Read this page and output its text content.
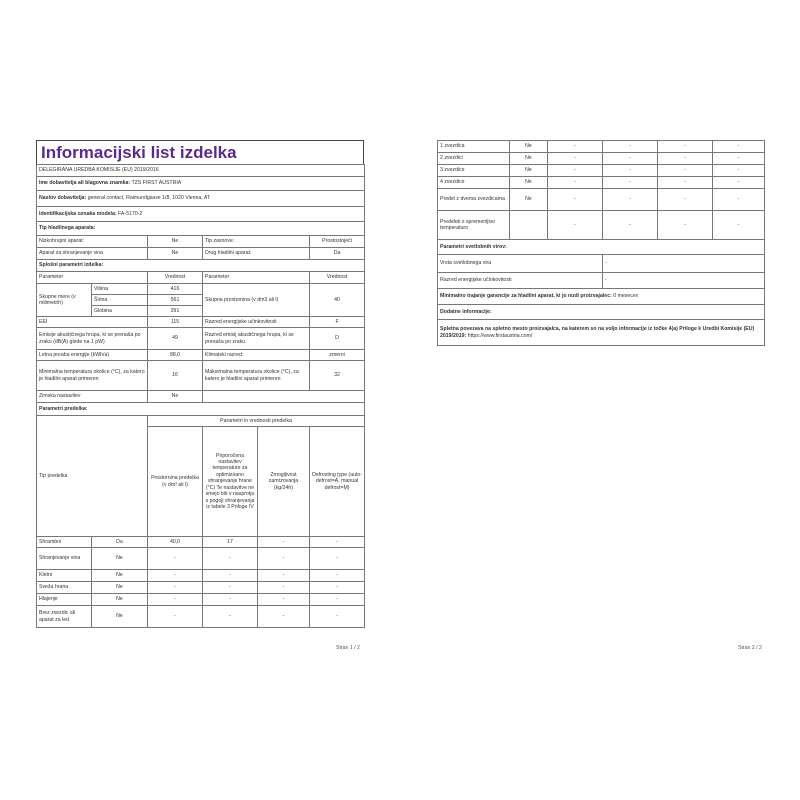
Informacijski list izdelka
DELEGIRANA UREDBA KOMISIJE (EU) 2019/2016					
Ime dobavitelja ali blagovna znamka: TZS FIRST AUSTRIA					
Naslov dobavitelja: general contact, Raimundgasse 1/8, 1020 Vienna, AT					
Identifikacijska oznaka modela: FA-5170-2					
Tip hladilnega aparata:					
Nizkohrupni aparat:		Ne	Tip zasnove:		Prostostoječi
Aparat za shranjevanje vina		Ne	Drug hladilni aparat:		Da
Splošni parametri izdelka:					
Parameter		Vrednost	Parameter		Vrednost
Skupne mere (v milimetrih)	Višina	416	Skupna prostornina (v dm3 ali l)		40
	Širina	561			
	Globina	391			
EEI		115	Razred energijske učinkovitosti		F
Emisije akustičnega hrupa, ki se prenaša po zraku (dB(A) glede na 1 pW)		49	Razred emisij akustičnega hrupa, ki se prenaša po zraku		D
Letna poraba energije (kWh/a)		88,0	Klimatski razred:		zmerni
Minimalna temperatura okolice (°C), za katero je hladilni aparat primeren		16	Maksimalna temperatura okolice (°C), za katero je hladilni aparat primeren		32
Zimska nastavitev		Ne			
Parametri predelka:					
Tip predelka		Parametri in vrednosti predelka			
		Prostornina predelka (v dm³ ali l)	Priporočena nastavitev temperature za optimizirano shranjevanje hrane (°C) Te nastavitve ne smejo biti v nasprotju s pogoji shranjevanja iz tabele 3 Priloge IV	Zmogljivost zamrzovanja (kg/24h)	Defrosting type (auto-defrost=A, manual defrost=M)
Shrambni	Da	40,0	17	-	-
Shranjevanje vina	Ne	-	-	-	-
Kletni	Ne	-	-	-	-
Sveža hrana	Ne	-	-	-	-
Hlajenje	Ne	-	-	-	-
Brez zvezdic ali aparat za led	Ne	-	-	-	-
Stran 1 / 2
1 zvezdica	Ne	-	-	-	-
2 zvezdici	Ne	-	-	-	-
3 zvezdice	Ne	-	-	-	-
4 zvezdice	Ne	-	-	-	-
Predel z dvema zvezdicama	Ne	-	-	-	-
Predelek s spremenljivo temperaturo		-	-	-	-
Parametri svetlobnih virov:					
Vrsta svetlobnega vira			-		
Razred energijske učinkovitosti			-		
Minimalno trajanje garancije za hladilni aparat, ki jo nudi proizvajalec: 0 mesecev					
Dodatne informacije:					
Spletna povezava na spletno mesto proizvajalca, na katerem so na voljo informacije iz točke 4(a) Priloge k Uredbi Komisije (EU) 2019/2019: https://www.firstaustria.com/					
Stran 2 / 2
